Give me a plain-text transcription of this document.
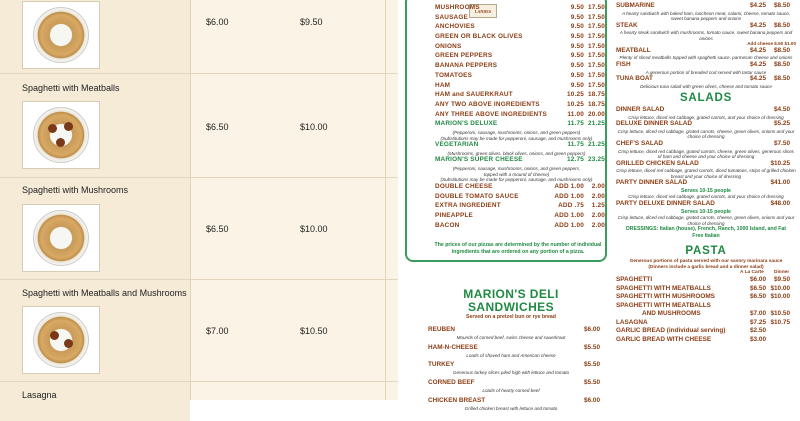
$6.00	$9.50
Spaghetti with Meatballs
$6.50	$10.00
Spaghetti with Mushrooms
$6.50	$10.00
Spaghetti with Meatballs and Mushrooms
$7.00	$10.50
Lasagna
LANDES
MUSHROOMS	9.50 17.50
SAUSAGE	9.50 17.50
ANCHOVIES	9.50 17.50
GREEN OR BLACK OLIVES	9.50 17.50
ONIONS	9.50 17.50
GREEN PEPPERS	9.50 17.50
BANANA PEPPERS	9.50 17.50
TOMATOES	9.50 17.50
HAM	9.50 17.50
HAM and SAUERKRAUT	10.25 18.75
ANY TWO ABOVE INGREDIENTS	10.25 18.75
ANY THREE ABOVE INGREDIENTS	11.00 20.00
MARION'S DELUXE	11.75 21.25
(Pepperoni, sausage, mushrooms, onions, and green peppers)
(Substitutions may be made for pepperoni, sausage, and mushrooms only)
VEGETARIAN	11.75 21.25
(Mushrooms, green olives, black olives, onions, and green peppers)
MARION'S SUPER CHEESE	12.75 23.25
(Pepperoni, sausage, mushrooms, onions, and green peppers,
topped with a mound of cheese)
(Substitutions may be made for pepperoni, sausage, and mushrooms only)
DOUBLE CHEESE	ADD 1.00	2.00
DOUBLE TOMATO SAUCE	ADD 1.00	2.00
EXTRA INGREDIENT	ADD .75	1.25
PINEAPPLE	ADD 1.00	2.00
BACON	ADD 1.00	2.00
The prices of our pizzas are determined by the number of individual ingredients that are ordered on any portion of a pizza.
MARION'S DELI
SANDWICHES
Served on a pretzel bun or rye bread
REUBEN	$6.00
Mounds of corned beef, swiss cheese and sauerkraut
HAM-N-CHEESE	$5.50
Loads of shaved ham and American cheese
TURKEY	$5.50
Generous turkey slices piled high with lettuce and tomato
CORNED BEEF	$5.50
Loads of hearty corned beef
CHICKEN BREAST	$6.00
Grilled chicken breast with lettuce and tomato
SUBMARINE	$4.25	$8.50
A hearty sandwich with baked ham, luncheon meat, salami, cheese, tomato sauce, sweet banana peppers and onions
STEAK	$4.25	$8.50
A hearty steak sandwich with mushrooms, tomato sauce, sweet banana peppers and onions
Add cheese $.50 $1.00
MEATBALL	$4.25	$8.50
Plenty of sliced meatballs topped with spaghetti sauce, parmesan cheese and onions
FISH	$4.25	$8.50
A generous portion of breaded cod served with tartar sauce
TUNA BOAT	$4.25	$8.50
Delicious tuna salad with green olives, cheese and tomato sauce
SALADS
DINNER SALAD	$4.50
Crisp lettuce, diced red cabbage, grated carrots, and your choice of dressing
DELUXE DINNER SALAD	$5.25
Crisp lettuce, diced red cabbage, grated carrots, cheese, green olives, onions and your choice of dressing
CHEF'S SALAD	$7.50
Crisp lettuce, diced red cabbage, grated carrots, cheese, green olives, generous slices of ham and cheese and your choice of dressing
GRILLED CHICKEN SALAD	$10.25
Crisp lettuce, diced red cabbage, grated carrots, diced tomatoes, strips of grilled chicken breast and your choice of dressing
PARTY DINNER SALAD	$41.00
Serves 10-15 people
Crisp lettuce, diced red cabbage, grated carrots, and your choice of dressing
PARTY DELUXE DINNER SALAD	$48.00
Serves 10-15 people
Crisp lettuce, diced red cabbage, grated carrots, cheese, green olives, onions and your choice of dressing
DRESSINGS: Italian (house), French, Ranch, 1000 Island, and Fat Free Italian
PASTA
Generous portions of pasta served with our savory marinara sauce
(Dinners include a garlic bread and a dinner salad)
A La Carte Dinner
SPAGHETTI	$6.00	$9.50
SPAGHETTI WITH MEATBALLS	$6.50 $10.00
SPAGHETTI WITH MUSHROOMS	$6.50 $10.00
SPAGHETTI WITH MEATBALLS
AND MUSHROOMS	$7.00 $10.50
LASAGNA	$7.25 $10.75
GARLIC BREAD (individual serving)	$2.50
GARLIC BREAD WITH CHEESE	$3.00
